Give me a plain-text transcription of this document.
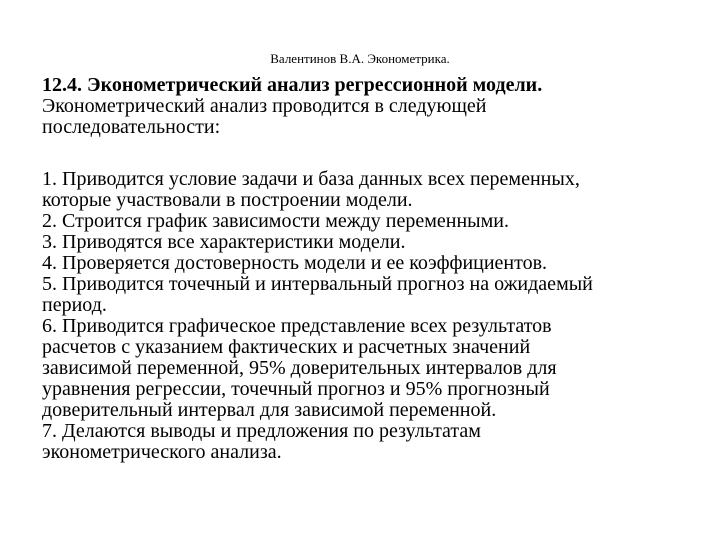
Валентинов В.А. Эконометрика.

12.4. Эконометрический анализ регрессионной модели.

Эконометрический анализ проводится в следующей

последовательности:

1. Приводится условие задачи и база данных всех переменных,

которые участвовали в построении модели.

2. Строится график зависимости между переменными.

3. Приводятся все характеристики модели.

4. Проверяется достоверность модели и ее коэффициентов.

5. Приводится точечный и интервальный прогноз на ожидаемый

период.

6. Приводится графическое представление всех результатов

расчетов с указанием фактических и расчетных значений

зависимой переменной, 95% доверительных интервалов для

уравнения регрессии, точечный прогноз и 95% прогнозный

доверительный интервал для зависимой переменной.

7. Делаются выводы и предложения по результатам

эконометрического анализа.
